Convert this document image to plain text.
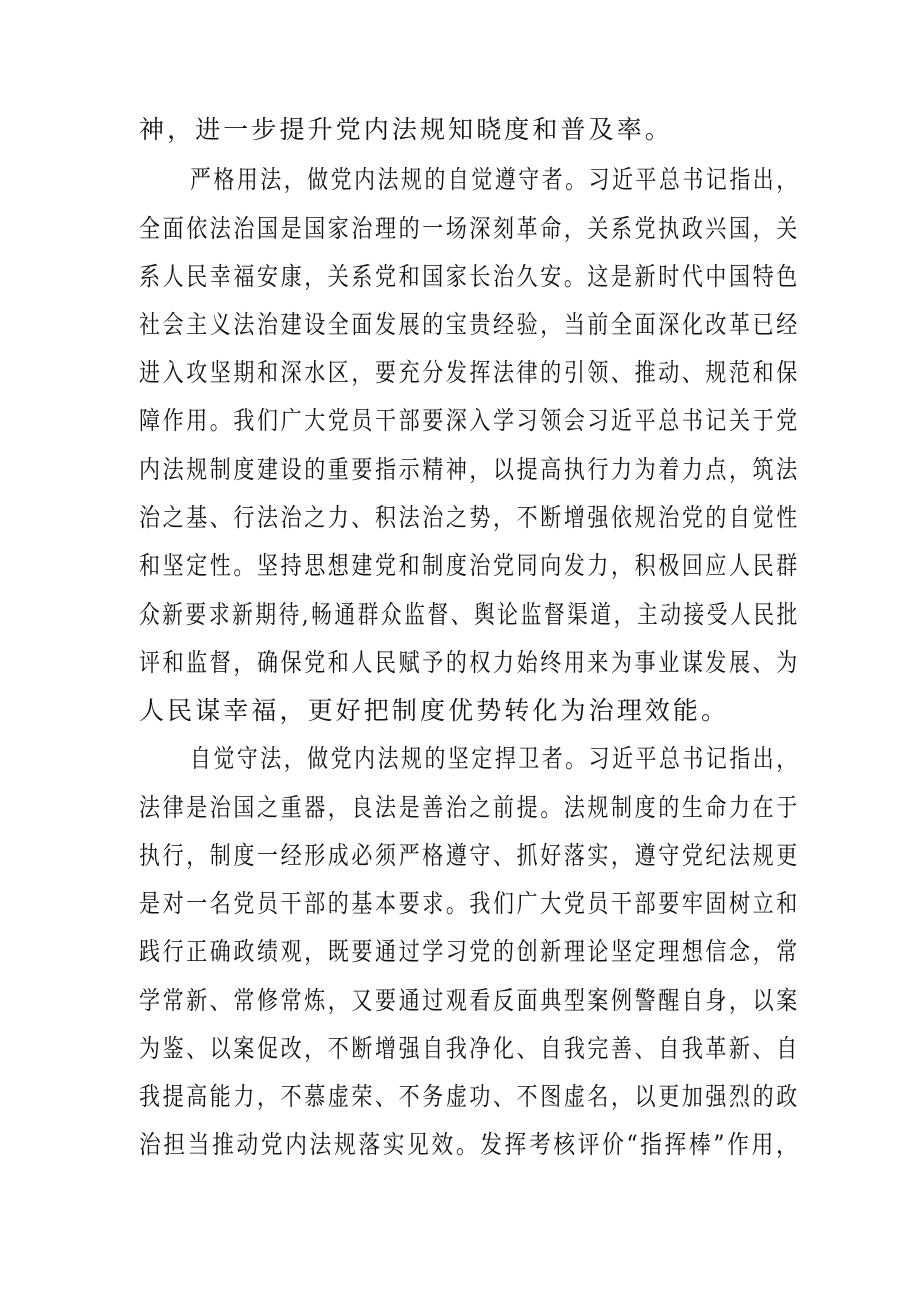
神，进一步提升党内法规知晓度和普及率。
严格用法，做党内法规的自觉遵守者。习近平总书记指出，
全面依法治国是国家治理的一场深刻革命，关系党执政兴国，关
系人民幸福安康，关系党和国家长治久安。这是新时代中国特色
社会主义法治建设全面发展的宝贵经验，当前全面深化改革已经
进入攻坚期和深水区，要充分发挥法律的引领、推动、规范和保
障作用。我们广大党员干部要深入学习领会习近平总书记关于党
内法规制度建设的重要指示精神，以提高执行力为着力点，筑法
治之基、行法治之力、积法治之势，不断增强依规治党的自觉性
和坚定性。坚持思想建党和制度治党同向发力，积极回应人民群
众新要求新期待,畅通群众监督、舆论监督渠道，主动接受人民批
评和监督，确保党和人民赋予的权力始终用来为事业谋发展、为
人民谋幸福，更好把制度优势转化为治理效能。
自觉守法，做党内法规的坚定捍卫者。习近平总书记指出，
法律是治国之重器，良法是善治之前提。法规制度的生命力在于
执行，制度一经形成必须严格遵守、抓好落实，遵守党纪法规更
是对一名党员干部的基本要求。我们广大党员干部要牢固树立和
践行正确政绩观，既要通过学习党的创新理论坚定理想信念，常
学常新、常修常炼，又要通过观看反面典型案例警醒自身，以案
为鉴、以案促改，不断增强自我净化、自我完善、自我革新、自
我提高能力，不慕虚荣、不务虚功、不图虚名，以更加强烈的政
治担当推动党内法规落实见效。发挥考核评价“指挥棒”作用，
